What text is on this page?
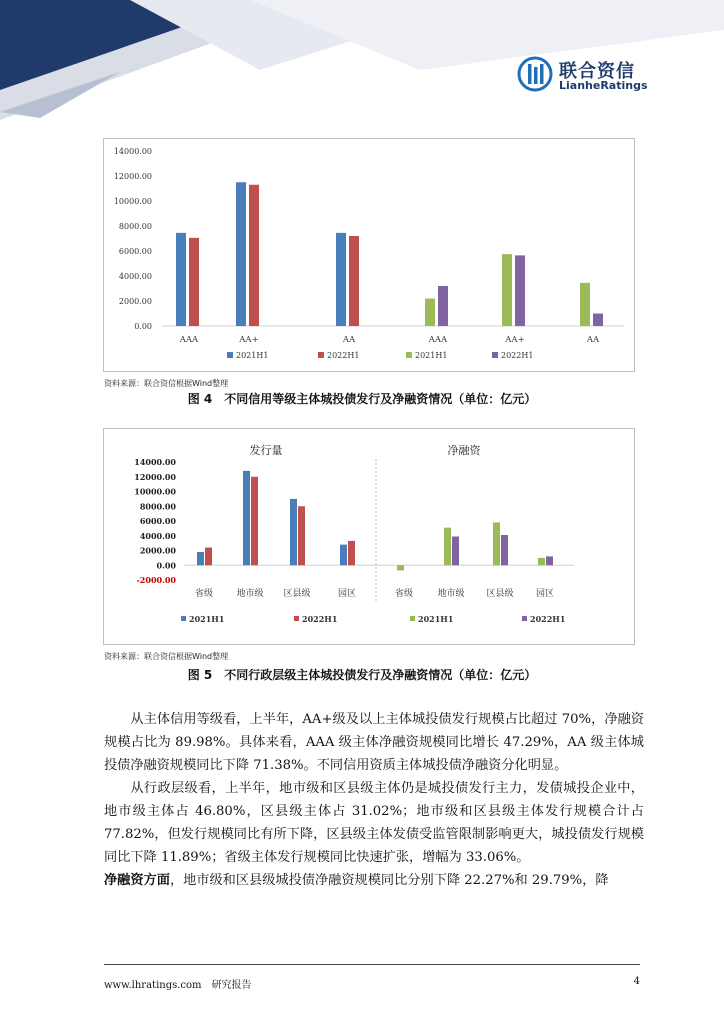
联合资信
LianheRatings
14000.00
12000.00
10000.00
8000.00
6000.00
4000.00
2000.00
0.00
AAA	AA+	AA	AAA	AA+	AA
2021H1	2022H1	2021H1	2022H1
资料来源：联合资信根据Wind整理
图 4　不同信用等级主体城投债发行及净融资情况（单位：亿元）
14000.00
12000.00
10000.00
8000.00
6000.00
4000.00
2000.00
0.00
-2000.00
发行量	净融资
省级	地市级 区县级	园区	省级	地市级 区县级 园区
2021H1	2022H1	2021H1	2022H1
资料来源：联合资信根据Wind整理
图 5　不同行政层级主体城投债发行及净融资情况（单位：亿元）

从主体信用等级看，上半年，AA+级及以上主体城投债发行规模占比超过 70%，净融资规模占比为 89.98%。具体来看，AAA 级主体净融资规模同比增长 47.29%，AA 级主体城投债净融资规模同比下降 71.38%。不同信用资质主体城投债净融资分化明显。

从行政层级看，上半年，地市级和区县级主体仍是城投债发行主力，发债城投企业中，地市级主体占 46.80%，区县级主体占 31.02%；地市级和区县级主体发行规模合计占 77.82%，但发行规模同比有所下降，区县级主体发债受监管限制影响更大，城投债发行规模同比下降 11.89%；省级主体发行规模同比快速扩张，增幅为 33.06%。

净融资方面，地市级和区县级城投债净融资规模同比分别下降 22.27%和 29.79%，降

www.lhratings.com　研究报告	4
